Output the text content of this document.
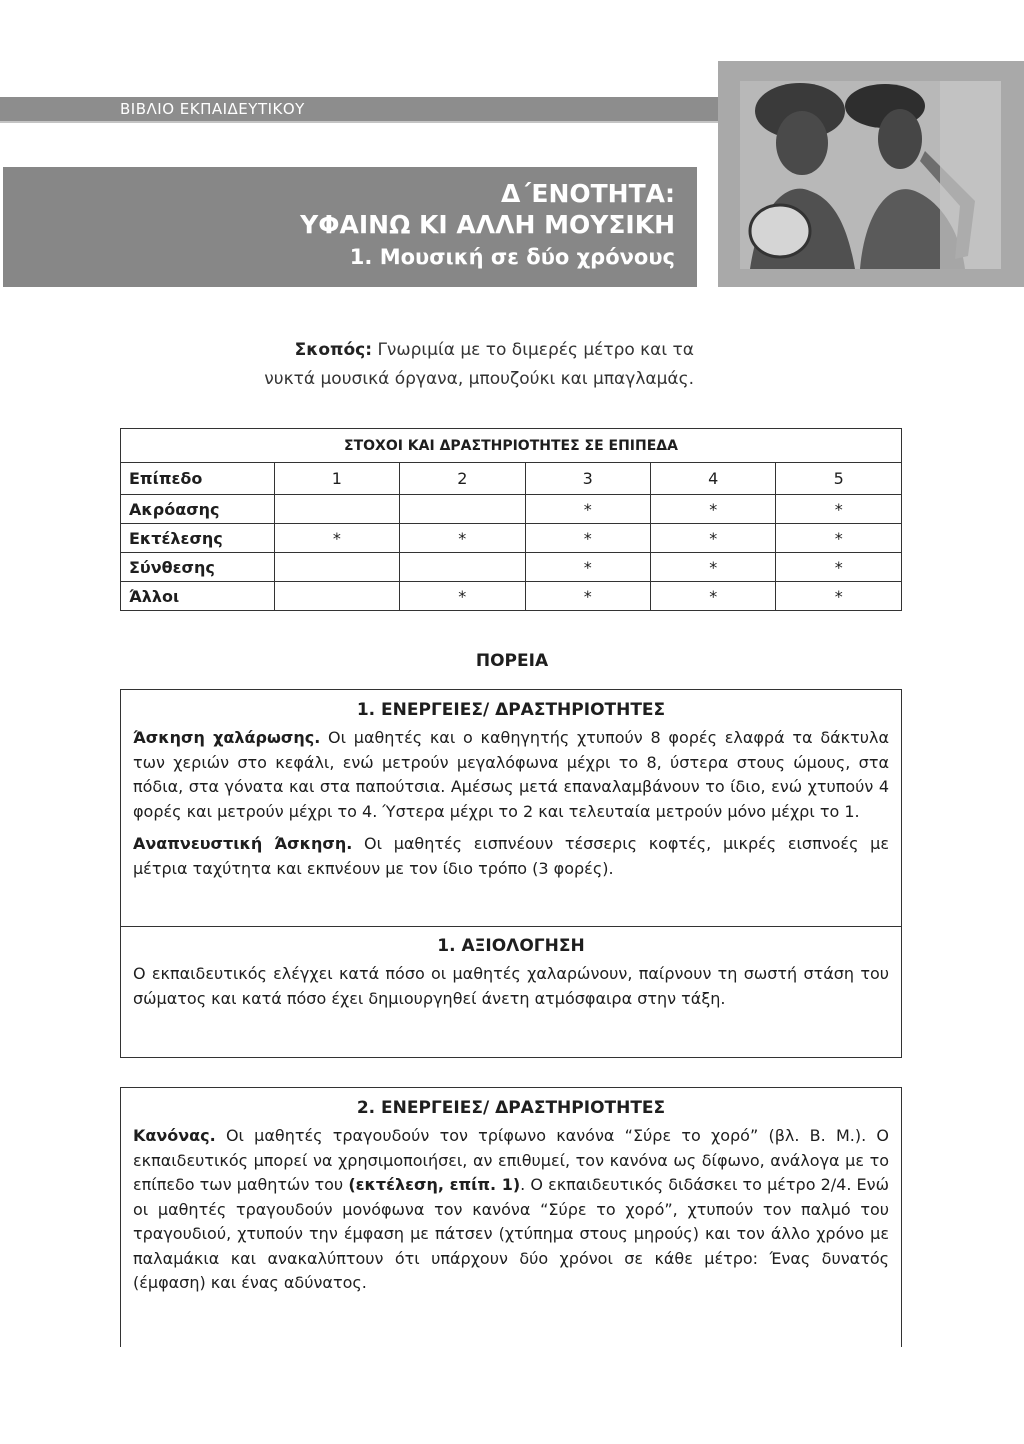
ΒΙΒΛΙΟ ΕΚΠΑΙΔΕΥΤΙΚΟΥ
Δ΄ΕΝΟΤΗΤΑ:
ΥΦΑΙΝΩ ΚΙ ΑΛΛΗ ΜΟΥΣΙΚΗ
1. Μουσική σε δύο χρόνους
Σκοπός: Γνωριμία με το διμερές μέτρο και τα
νυκτά μουσικά όργανα, μπουζούκι και μπαγλαμάς.
ΣΤΟΧΟΙ ΚΑΙ ΔΡΑΣΤΗΡΙΟΤΗΤΕΣ ΣΕ ΕΠΙΠΕΔΑ					
Επίπεδο	1	2	3	4	5
Ακρόασης			*	*	*
Εκτέλεσης	*	*	*	*	*
Σύνθεσης			*	*	*
Άλλοι		*	*	*	*
ΠΟΡΕΙΑ
1. ΕΝΕΡΓΕΙΕΣ/ ΔΡΑΣΤΗΡΙΟΤΗΤΕΣ

Άσκηση χαλάρωσης. Οι μαθητές και ο καθηγητής χτυπούν 8 φορές ελαφρά τα δάκτυλα των χεριών στο κεφάλι, ενώ μετρούν μεγαλόφωνα μέχρι το 8, ύστερα στους ώμους, στα πόδια, στα γόνατα και στα παπούτσια. Αμέσως μετά επαναλαμβάνουν το ίδιο, ενώ χτυπούν 4 φορές και μετρούν μέχρι το 4. Ύστερα μέχρι το 2 και τελευταία μετρούν μόνο μέχρι το 1.

Αναπνευστική Άσκηση. Οι μαθητές εισπνέουν τέσσερις κοφτές, μικρές εισπνοές με μέτρια ταχύτητα και εκπνέουν με τον ίδιο τρόπο (3 φορές).

1. ΑΞΙΟΛΟΓΗΣΗ

Ο εκπαιδευτικός ελέγχει κατά πόσο οι μαθητές χαλαρώνουν, παίρνουν τη σωστή στάση του σώματος και κατά πόσο έχει δημιουργηθεί άνετη ατμόσφαιρα στην τάξη.

2. ΕΝΕΡΓΕΙΕΣ/ ΔΡΑΣΤΗΡΙΟΤΗΤΕΣ

Κανόνας. Οι μαθητές τραγουδούν τον τρίφωνο κανόνα “Σύρε το χορό” (βλ. Β. Μ.). Ο εκπαιδευτικός μπορεί να χρησιμοποιήσει, αν επιθυμεί, τον κανόνα ως δίφωνο, ανάλογα με το επίπεδο των μαθητών του (εκτέλεση, επίπ. 1). Ο εκπαιδευτικός διδάσκει το μέτρο 2/4. Ενώ οι μαθητές τραγουδούν μονόφωνα τον κανόνα “Σύρε το χορό”, χτυπούν τον παλμό του τραγουδιού, χτυπούν την έμφαση με πάτσεν (χτύπημα στους μηρούς) και τον άλλο χρόνο με παλαμάκια και ανακαλύπτουν ότι υπάρχουν δύο χρόνοι σε κάθε μέτρο: Ένας δυνατός (έμφαση) και ένας αδύνατος.
